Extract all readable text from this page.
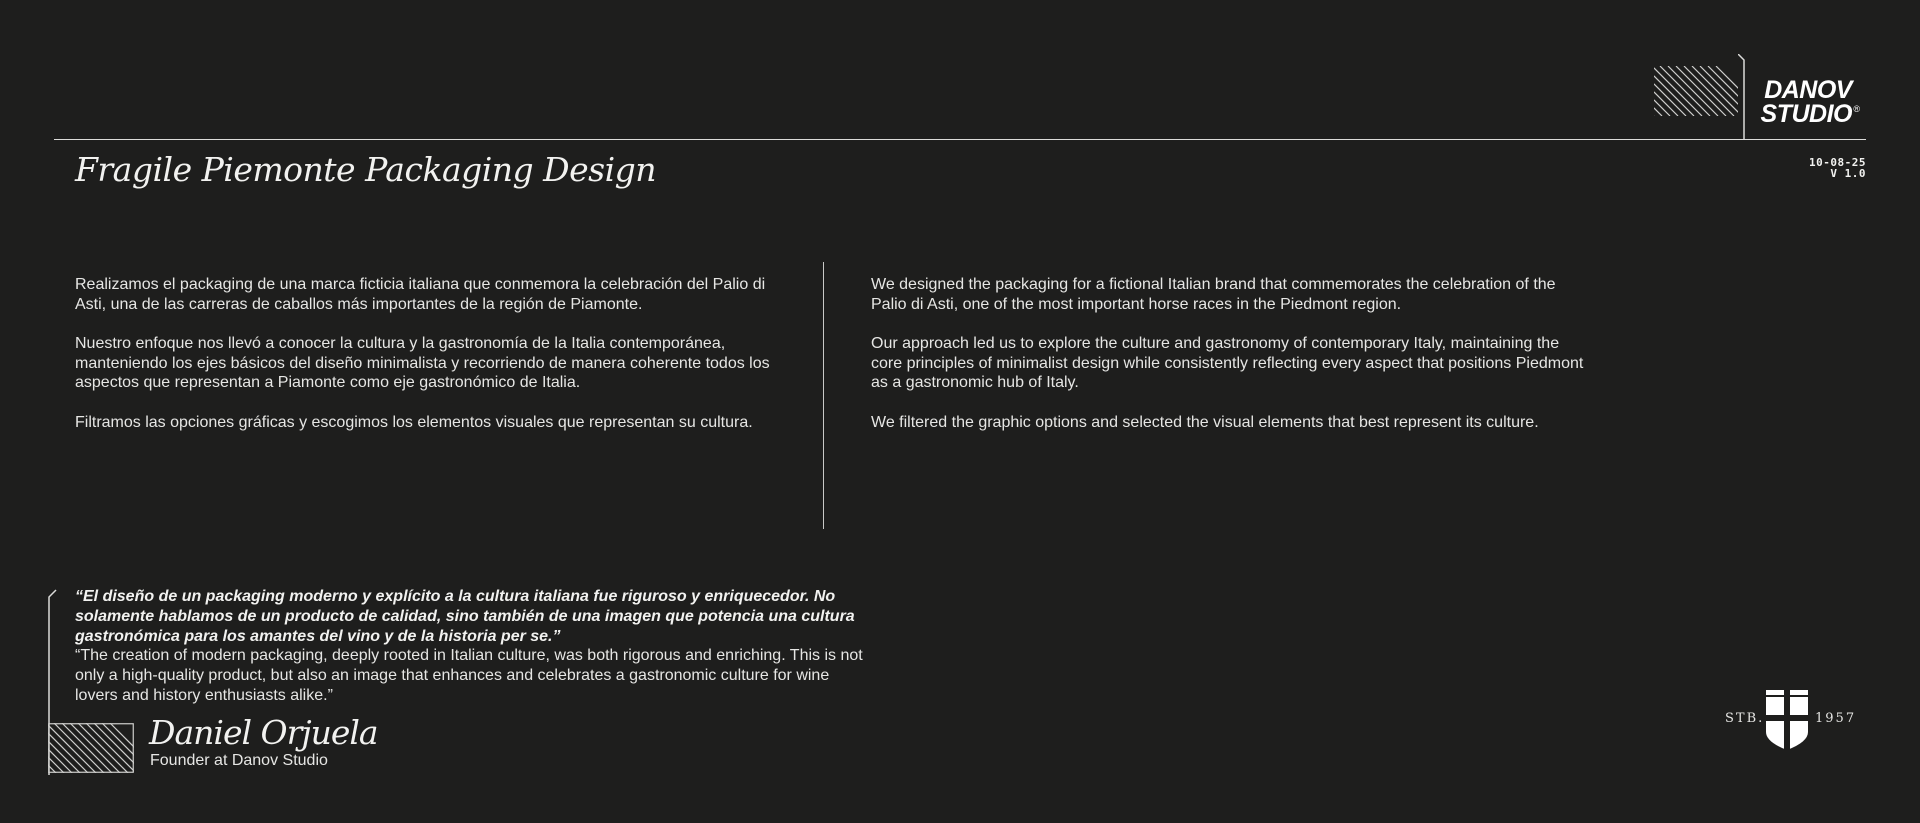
DANOV
STUDIO ®
Fragile Piemonte Packaging Design	10-08-25
V 1.0

Realizamos el packaging de una marca ficticia italiana que conmemora la celebración del Palio di Asti, una de las carreras de caballos más importantes de la región de Piamonte.

Nuestro enfoque nos llevó a conocer la cultura y la gastronomía de la Italia contemporánea, manteniendo los ejes básicos del diseño minimalista y recorriendo de manera coherente todos los aspectos que representan a Piamonte como eje gastronómico de Italia.

Filtramos las opciones gráficas y escogimos los elementos visuales que representan su cultura.

We designed the packaging for a fictional Italian brand that commemorates the celebration of the Palio di Asti, one of the most important horse races in the Piedmont region.

Our approach led us to explore the culture and gastronomy of contemporary Italy, maintaining the core principles of minimalist design while consistently reflecting every aspect that positions Piedmont as a gastronomic hub of Italy.

We filtered the graphic options and selected the visual elements that best represent its culture.

“El diseño de un packaging moderno y explícito a la cultura italiana fue riguroso y enriquecedor. No solamente hablamos de un producto de calidad, sino también de una imagen que potencia una cultura gastronómica para los amantes del vino y de la historia per se.”

“The creation of modern packaging, deeply rooted in Italian culture, was both rigorous and enriching. This is not only a high-quality product, but also an image that enhances and celebrates a gastronomic culture for wine lovers and history enthusiasts alike.”

Daniel Orjuela
Founder at Danov Studio
STB.	1957
